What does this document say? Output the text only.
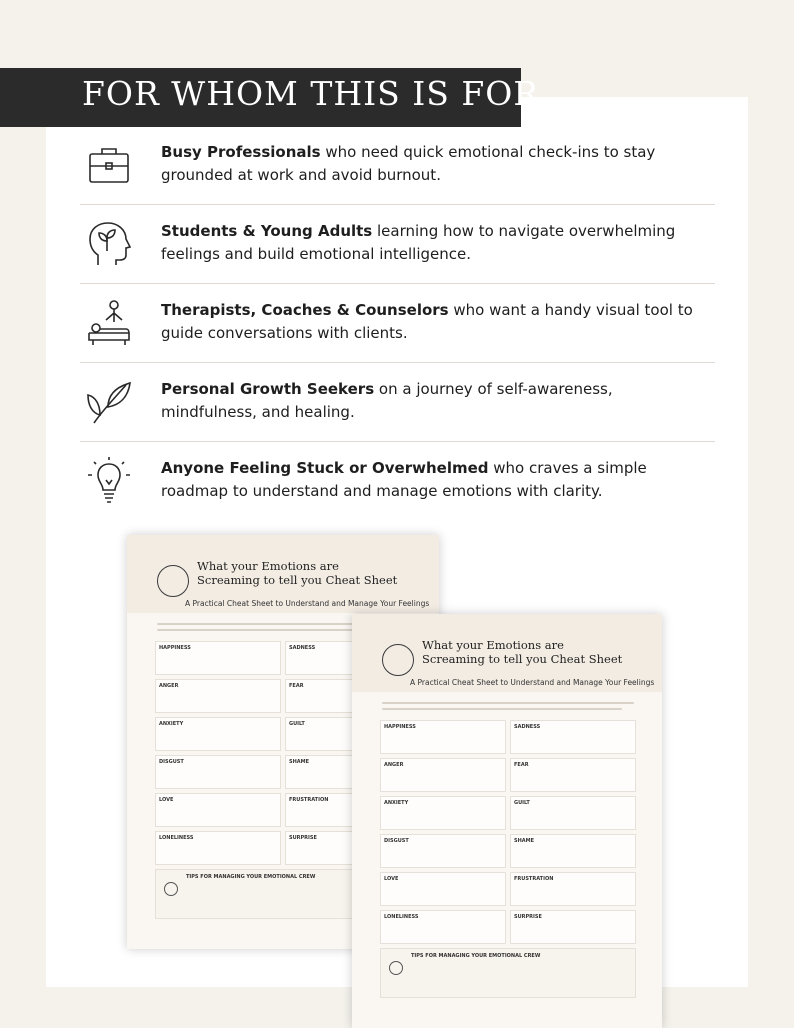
FOR WHOM THIS IS FOR
Busy Professionals who need quick emotional check-ins to stay grounded at work and avoid burnout.
Students & Young Adults learning how to navigate overwhelming feelings and build emotional intelligence.
Therapists, Coaches & Counselors who want a handy visual tool to guide conversations with clients.
Personal Growth Seekers on a journey of self-awareness, mindfulness, and healing.
Anyone Feeling Stuck or Overwhelmed who craves a simple roadmap to understand and manage emotions with clarity.
What your Emotions are
Screaming to tell you Cheat Sheet
A Practical Cheat Sheet to Understand and Manage Your Feelings
HAPPINESS	SADNESS
ANGER	FEAR
ANXIETY	GUILT
DISGUST	SHAME
LOVE	FRUSTRATION
LONELINESS	SURPRISE
TIPS FOR MANAGING YOUR EMOTIONAL CREW
What your Emotions are
Screaming to tell you Cheat Sheet
A Practical Cheat Sheet to Understand and Manage Your Feelings
HAPPINESS	SADNESS
ANGER	FEAR
ANXIETY	GUILT
DISGUST	SHAME
LOVE	FRUSTRATION
LONELINESS	SURPRISE
TIPS FOR MANAGING YOUR EMOTIONAL CREW
